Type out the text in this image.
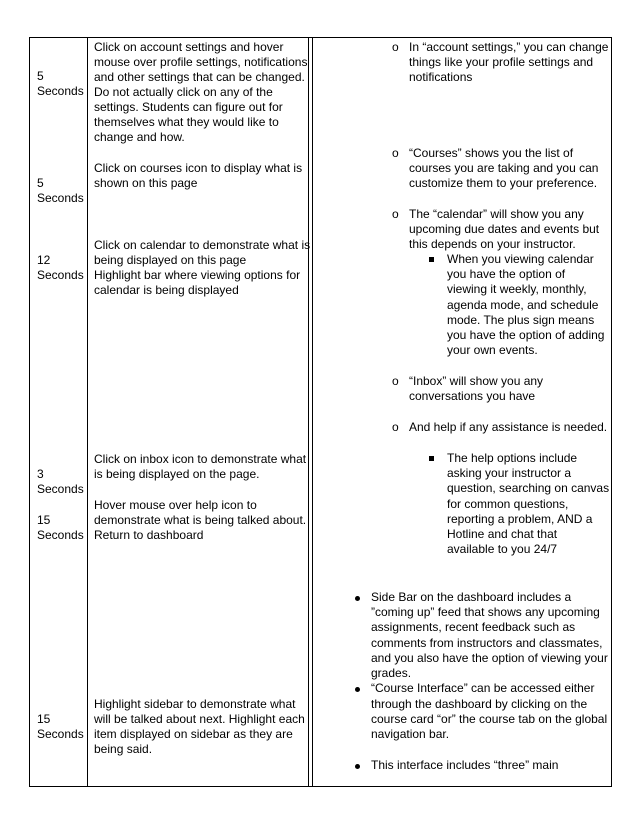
5
Seconds
Click on account settings and hover
mouse over profile settings, notifications
and other settings that can be changed.
Do not actually click on any of the
settings. Students can figure out for
themselves what they would like to
change and how.
5
Seconds
Click on courses icon to display what is
shown on this page
12
Seconds
Click on calendar to demonstrate what is
being displayed on this page
Highlight bar where viewing options for
calendar is being displayed
3
Seconds
15
Seconds
Click on inbox icon to demonstrate what
is being displayed on the page.
Hover mouse over help icon to
demonstrate what is being talked about.
Return to dashboard
15
Seconds
Highlight sidebar to demonstrate what
will be talked about next. Highlight each
item displayed on sidebar as they are
being said.
o In “account settings,” you can change
things like your profile settings and
notifications
o “Courses” shows you the list of
courses you are taking and you can
customize them to your preference.
o The “calendar” will show you any
upcoming due dates and events but
this depends on your instructor.
When you viewing calendar
you have the option of
viewing it weekly, monthly,
agenda mode, and schedule
mode. The plus sign means
you have the option of adding
your own events.
o “Inbox” will show you any
conversations you have
o And help if any assistance is needed.
The help options include
asking your instructor a
question, searching on canvas
for common questions,
reporting a problem, AND a
Hotline and chat that
available to you 24/7
Side Bar on the dashboard includes a
”coming up” feed that shows any upcoming
assignments, recent feedback such as
comments from instructors and classmates,
and you also have the option of viewing your
grades.
“Course Interface” can be accessed either
through the dashboard by clicking on the
course card “or” the course tab on the global
navigation bar.
This interface includes “three” main
